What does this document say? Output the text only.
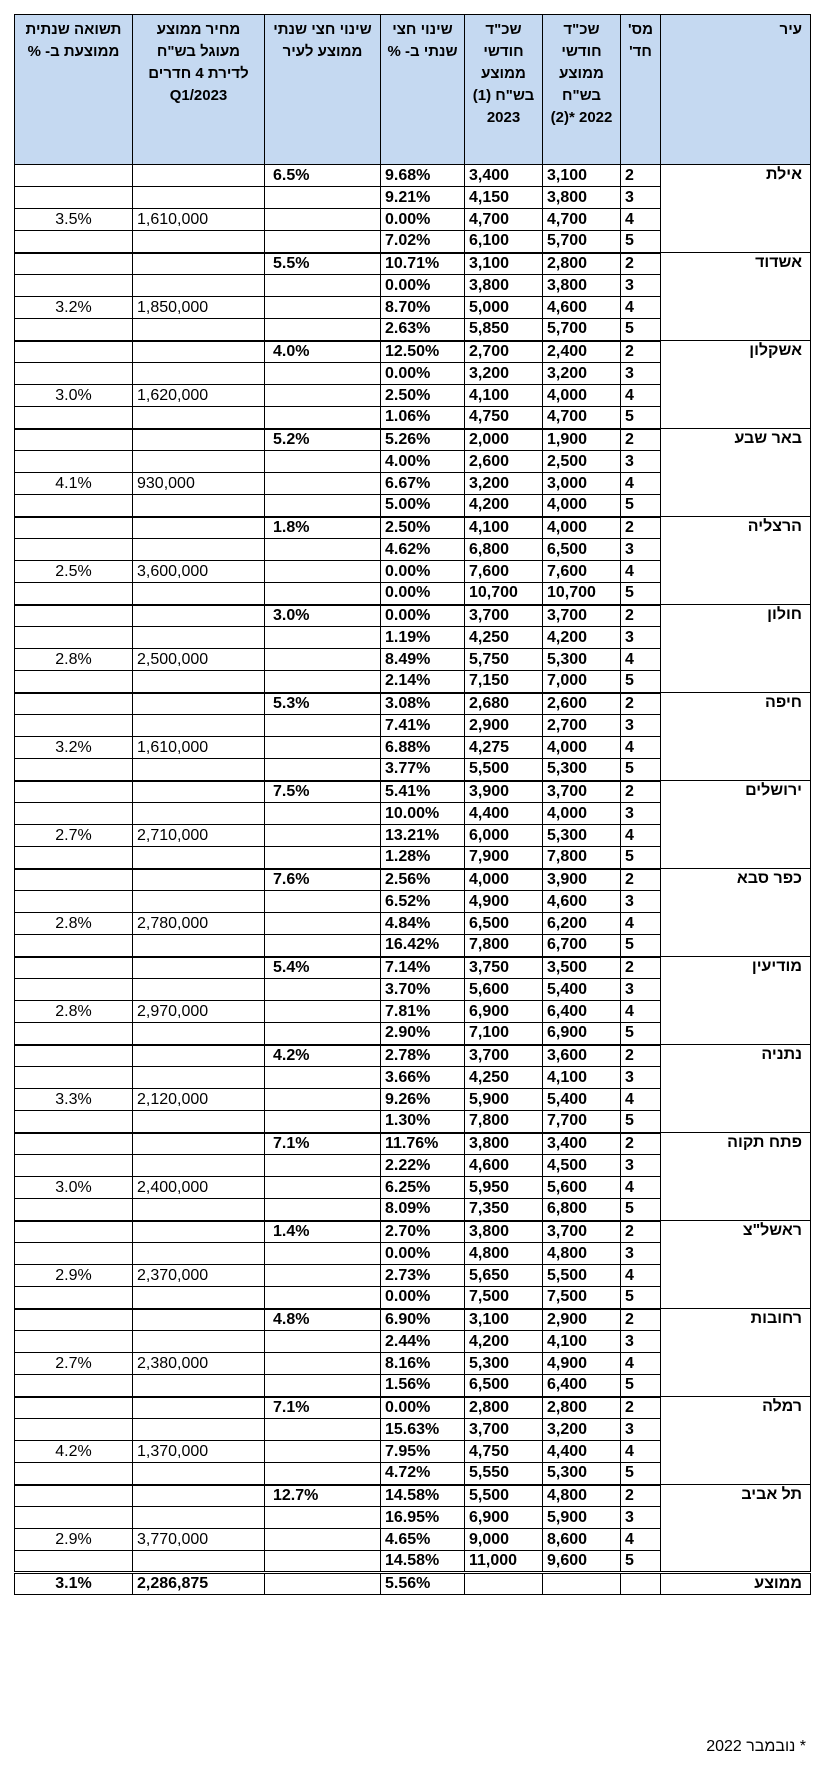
עיר	מס' חד'	שכ"ד חודשי ממוצע בש"ח 2022 *(2)	שכ"ד חודשי ממוצע בש"ח (1) 2023	שינוי חצי שנתי ב- %	שינוי חצי שנתי ממוצע לעיר	מחיר ממוצע מעוגל בש"ח לדירת 4 חדרים Q1/2023	תשואה שנתית ממוצעת ב- %
אילת	2	3,100	3,400	9.68%	6.5%		
	3	3,800	4,150	9.21%			
	4	4,700	4,700	0.00%		1,610,000	3.5%
	5	5,700	6,100	7.02%			
אשדוד	2	2,800	3,100	10.71%	5.5%		
	3	3,800	3,800	0.00%			
	4	4,600	5,000	8.70%		1,850,000	3.2%
	5	5,700	5,850	2.63%			
אשקלון	2	2,400	2,700	12.50%	4.0%		
	3	3,200	3,200	0.00%			
	4	4,000	4,100	2.50%		1,620,000	3.0%
	5	4,700	4,750	1.06%			
באר שבע	2	1,900	2,000	5.26%	5.2%		
	3	2,500	2,600	4.00%			
	4	3,000	3,200	6.67%		930,000	4.1%
	5	4,000	4,200	5.00%			
הרצליה	2	4,000	4,100	2.50%	1.8%		
	3	6,500	6,800	4.62%			
	4	7,600	7,600	0.00%		3,600,000	2.5%
	5	10,700	10,700	0.00%			
חולון	2	3,700	3,700	0.00%	3.0%		
	3	4,200	4,250	1.19%			
	4	5,300	5,750	8.49%		2,500,000	2.8%
	5	7,000	7,150	2.14%			
חיפה	2	2,600	2,680	3.08%	5.3%		
	3	2,700	2,900	7.41%			
	4	4,000	4,275	6.88%		1,610,000	3.2%
	5	5,300	5,500	3.77%			
ירושלים	2	3,700	3,900	5.41%	7.5%		
	3	4,000	4,400	10.00%			
	4	5,300	6,000	13.21%		2,710,000	2.7%
	5	7,800	7,900	1.28%			
כפר סבא	2	3,900	4,000	2.56%	7.6%		
	3	4,600	4,900	6.52%			
	4	6,200	6,500	4.84%		2,780,000	2.8%
	5	6,700	7,800	16.42%			
מודיעין	2	3,500	3,750	7.14%	5.4%		
	3	5,400	5,600	3.70%			
	4	6,400	6,900	7.81%		2,970,000	2.8%
	5	6,900	7,100	2.90%			
נתניה	2	3,600	3,700	2.78%	4.2%		
	3	4,100	4,250	3.66%			
	4	5,400	5,900	9.26%		2,120,000	3.3%
	5	7,700	7,800	1.30%			
פתח תקוה	2	3,400	3,800	11.76%	7.1%		
	3	4,500	4,600	2.22%			
	4	5,600	5,950	6.25%		2,400,000	3.0%
	5	6,800	7,350	8.09%			
ראשל"צ	2	3,700	3,800	2.70%	1.4%		
	3	4,800	4,800	0.00%			
	4	5,500	5,650	2.73%		2,370,000	2.9%
	5	7,500	7,500	0.00%			
רחובות	2	2,900	3,100	6.90%	4.8%		
	3	4,100	4,200	2.44%			
	4	4,900	5,300	8.16%		2,380,000	2.7%
	5	6,400	6,500	1.56%			
רמלה	2	2,800	2,800	0.00%	7.1%		
	3	3,200	3,700	15.63%			
	4	4,400	4,750	7.95%		1,370,000	4.2%
	5	5,300	5,550	4.72%			
תל אביב	2	4,800	5,500	14.58%	12.7%		
	3	5,900	6,900	16.95%			
	4	8,600	9,000	4.65%		3,770,000	2.9%
	5	9,600	11,000	14.58%			
ממוצע				5.56%		2,286,875	3.1%
* נובמבר 2022
